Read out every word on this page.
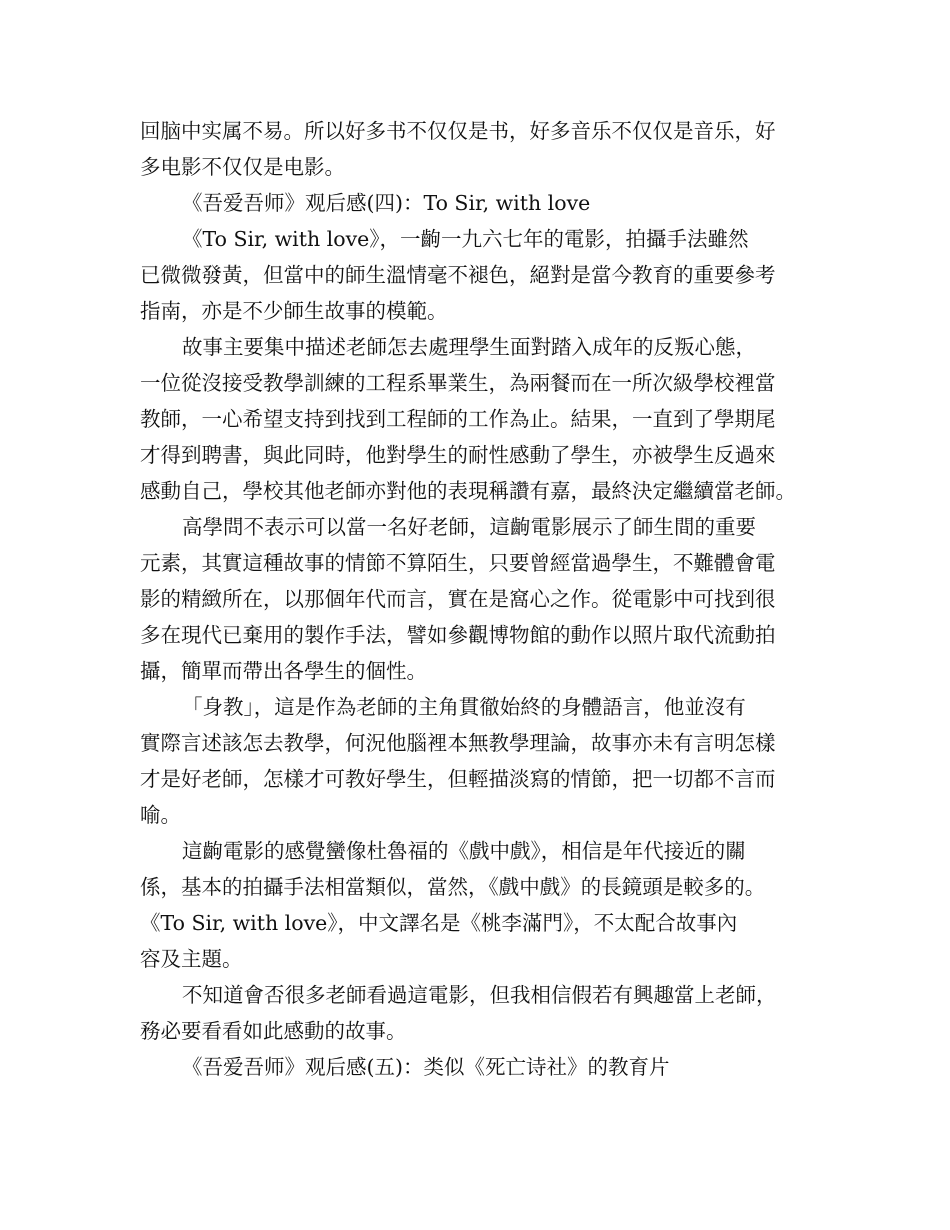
回脑中实属不易。所以好多书不仅仅是书，好多音乐不仅仅是音乐，好
多电影不仅仅是电影。
《吾爱吾师》观后感(四)：To Sir, with love
《To Sir, with love》，一齣一九六七年的電影，拍攝手法雖然
已微微發黃，但當中的師生溫情毫不褪色，絕對是當今教育的重要參考
指南，亦是不少師生故事的模範。
故事主要集中描述老師怎去處理學生面對踏入成年的反叛心態，
一位從沒接受教學訓練的工程系畢業生，為兩餐而在一所次級學校裡當
教師，一心希望支持到找到工程師的工作為止。結果，一直到了學期尾
才得到聘書，與此同時，他對學生的耐性感動了學生，亦被學生反過來
感動自己，學校其他老師亦對他的表現稱讚有嘉，最終決定繼續當老師。
高學問不表示可以當一名好老師，這齣電影展示了師生間的重要
元素，其實這種故事的情節不算陌生，只要曾經當過學生，不難體會電
影的精緻所在，以那個年代而言，實在是窩心之作。從電影中可找到很
多在現代已棄用的製作手法，譬如參觀博物館的動作以照片取代流動拍
攝，簡單而帶出各學生的個性。
「身教」，這是作為老師的主角貫徹始終的身體語言，他並沒有
實際言述該怎去教學，何況他腦裡本無教學理論，故事亦未有言明怎樣
才是好老師，怎樣才可教好學生，但輕描淡寫的情節，把一切都不言而
喻。
這齣電影的感覺蠻像杜魯福的《戲中戲》，相信是年代接近的關
係，基本的拍攝手法相當類似，當然，《戲中戲》的長鏡頭是較多的。
《To Sir, with love》，中文譯名是《桃李滿門》，不太配合故事內
容及主題。
不知道會否很多老師看過這電影，但我相信假若有興趣當上老師，
務必要看看如此感動的故事。
《吾爱吾师》观后感(五)：类似《死亡诗社》的教育片
